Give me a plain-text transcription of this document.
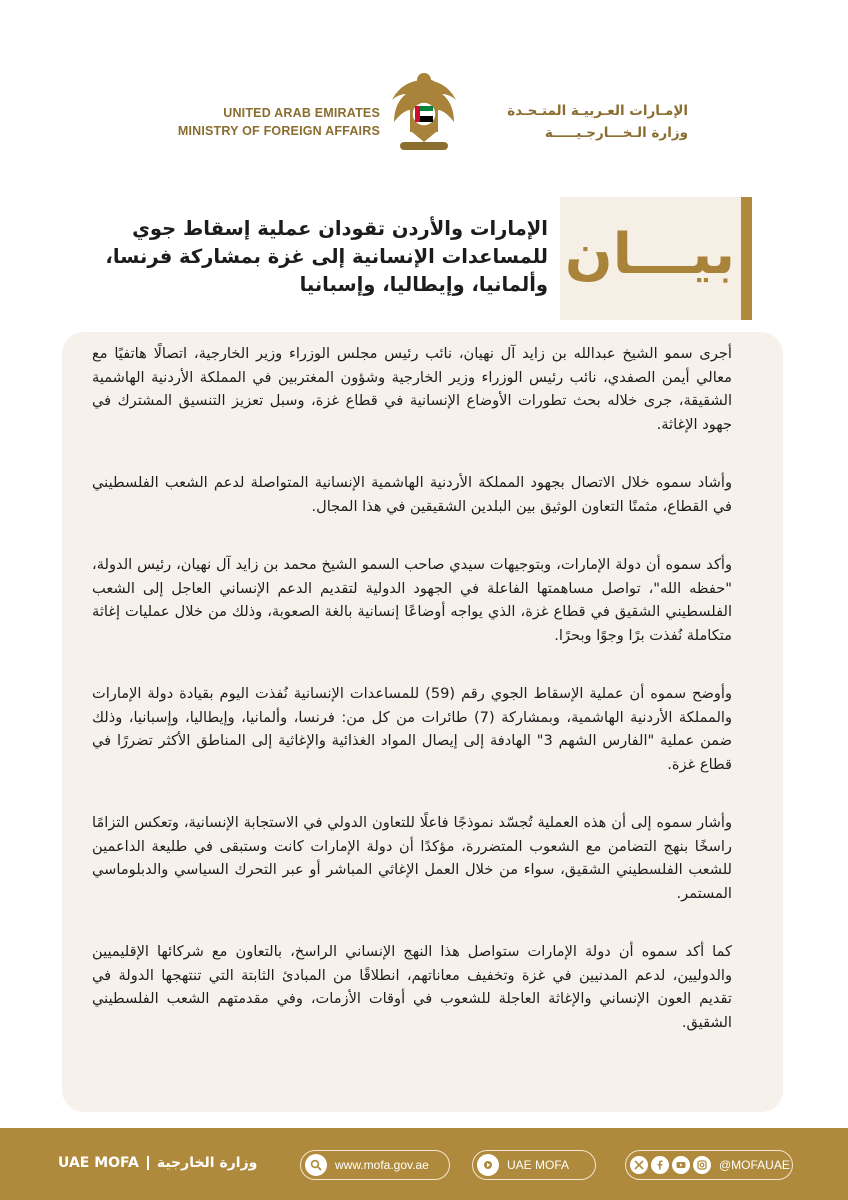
UNITED ARAB EMIRATES
MINISTRY OF FOREIGN AFFAIRS
الإمـارات العـربيـة المتـحـدة
وزارة الـخـــارجـيـــــة
الإمارات والأردن تقودان عملية إسقاط جوي للمساعدات الإنسانية إلى غزة بمشاركة فرنسا، وألمانيا، وإيطاليا، وإسبانيا بيـــان

أجرى سمو الشيخ عبدالله بن زايد آل نهيان، نائب رئيس مجلس الوزراء وزير الخارجية، اتصالًا هاتفيًا مع معالي أيمن الصفدي، نائب رئيس الوزراء وزير الخارجية وشؤون المغتربين في المملكة الأردنية الهاشمية الشقيقة، جرى خلاله بحث تطورات الأوضاع الإنسانية في قطاع غزة، وسبل تعزيز التنسيق المشترك في جهود الإغاثة.

وأشاد سموه خلال الاتصال بجهود المملكة الأردنية الهاشمية الإنسانية المتواصلة لدعم الشعب الفلسطيني في القطاع، مثمنًا التعاون الوثيق بين البلدين الشقيقين في هذا المجال.

وأكد سموه أن دولة الإمارات، وبتوجيهات سيدي صاحب السمو الشيخ محمد بن زايد آل نهيان، رئيس الدولة، "حفظه الله"، تواصل مساهمتها الفاعلة في الجهود الدولية لتقديم الدعم الإنساني العاجل إلى الشعب الفلسطيني الشقيق في قطاع غزة، الذي يواجه أوضاعًا إنسانية بالغة الصعوبة، وذلك من خلال عمليات إغاثة متكاملة نُفذت برًا وجوًا وبحرًا.

وأوضح سموه أن عملية الإسقاط الجوي رقم (59) للمساعدات الإنسانية نُفذت اليوم بقيادة دولة الإمارات والمملكة الأردنية الهاشمية، وبمشاركة (7) طائرات من كل من: فرنسا، وألمانيا، وإيطاليا، وإسبانيا، وذلك ضمن عملية "الفارس الشهم 3" الهادفة إلى إيصال المواد الغذائية والإغاثية إلى المناطق الأكثر تضررًا في قطاع غزة.

وأشار سموه إلى أن هذه العملية تُجسّد نموذجًا فاعلًا للتعاون الدولي في الاستجابة الإنسانية، وتعكس التزامًا راسخًا بنهج التضامن مع الشعوب المتضررة، مؤكدًا أن دولة الإمارات كانت وستبقى في طليعة الداعمين للشعب الفلسطيني الشقيق، سواء من خلال العمل الإغاثي المباشر أو عبر التحرك السياسي والدبلوماسي المستمر.

كما أكد سموه أن دولة الإمارات ستواصل هذا النهج الإنساني الراسخ، بالتعاون مع شركائها الإقليميين والدوليين، لدعم المدنيين في غزة وتخفيف معاناتهم، انطلاقًا من المبادئ الثابتة التي تنتهجها الدولة في تقديم العون الإنساني والإغاثة العاجلة للشعوب في أوقات الأزمات، وفي مقدمتهم الشعب الفلسطيني الشقيق.

UAE MOFA وزارة الخارجية	www.mofa.gov.ae	UAE MOFA	@MOFAUAE
